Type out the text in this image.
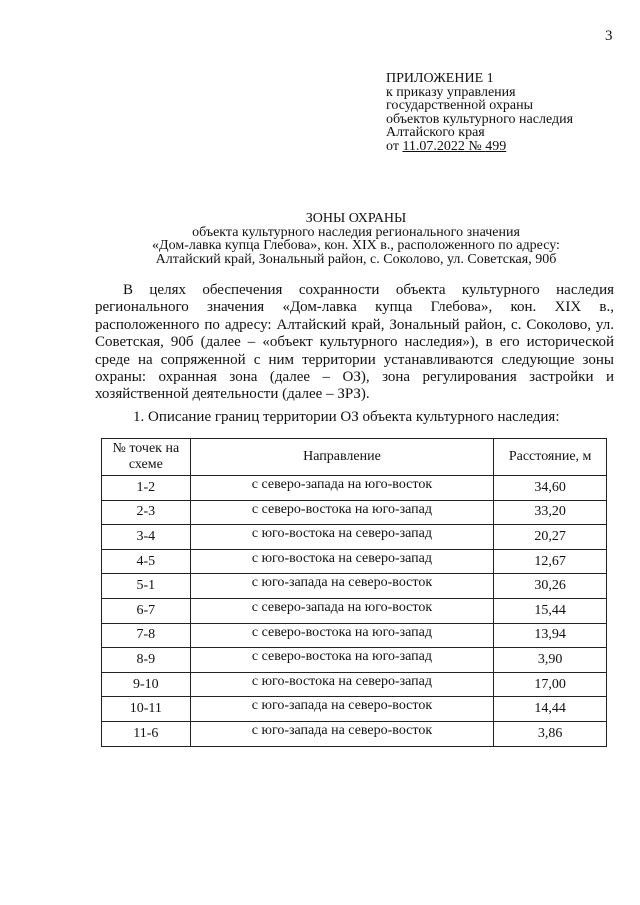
3
ПРИЛОЖЕНИЕ 1
к приказу управления
государственной охраны
объектов культурного наследия
Алтайского края
от 11.07.2022 № 499
ЗОНЫ ОХРАНЫ
объекта культурного наследия регионального значения
«Дом-лавка купца Глебова», кон. XIX в., расположенного по адресу:
Алтайский край, Зональный район, с. Соколово, ул. Советская, 90б
В целях обеспечения сохранности объекта культурного наследия регионального значения «Дом-лавка купца Глебова», кон. XIX в., расположенного по адресу: Алтайский край, Зональный район, с. Соколово, ул. Советская, 90б (далее – «объект культурного наследия»), в его исторической среде на сопряженной с ним территории устанавливаются следующие зоны охраны: охранная зона (далее – ОЗ), зона регулирования застройки и хозяйственной деятельности (далее – ЗРЗ).
1. Описание границ территории ОЗ объекта культурного наследия:
№ точек на схеме	Направление	Расстояние, м
1-2	с северо-запада на юго-восток	34,60
2-3	с северо-востока на юго-запад	33,20
3-4	с юго-востока на северо-запад	20,27
4-5	с юго-востока на северо-запад	12,67
5-1	с юго-запада на северо-восток	30,26
6-7	с северо-запада на юго-восток	15,44
7-8	с северо-востока на юго-запад	13,94
8-9	с северо-востока на юго-запад	3,90
9-10	с юго-востока на северо-запад	17,00
10-11	с юго-запада на северо-восток	14,44
11-6	с юго-запада на северо-восток	3,86
